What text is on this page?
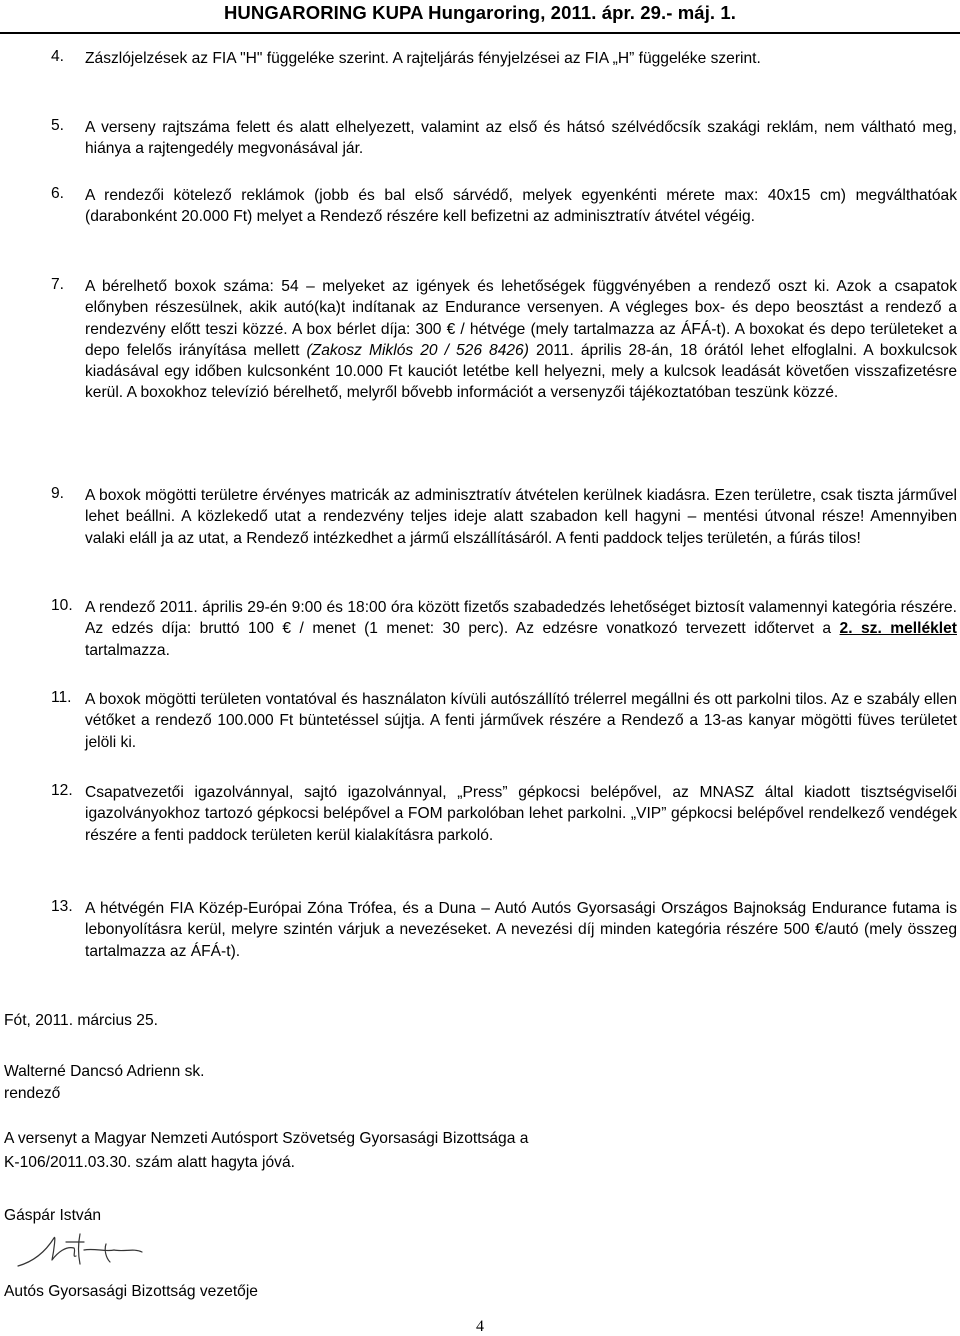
HUNGARORING KUPA Hungaroring, 2011. ápr. 29.- máj. 1.
4. Zászlójelzések az FIA "H" függeléke szerint. A rajteljárás fényjelzései az FIA „H” függeléke szerint.
5. A verseny rajtszáma felett és alatt elhelyezett, valamint az első és hátsó szélvédőcsík szakági reklám, nem váltható meg, hiánya a rajtengedély megvonásával jár.
6. A rendezői kötelező reklámok (jobb és bal első sárvédő, melyek egyenkénti mérete max: 40x15 cm) megválthatóak (darabonként 20.000 Ft) melyet a Rendező részére kell befizetni az adminisztratív átvétel végéig.
7. A bérelhető boxok száma: 54 – melyeket az igények és lehetőségek függvényében a rendező oszt ki. Azok a csapatok előnyben részesülnek, akik autó(ka)t indítanak az Endurance versenyen. A végleges box- és depo beosztást a rendező a rendezvény előtt teszi közzé. A box bérlet díja: 300 € / hétvége (mely tartalmazza az ÁFÁ-t). A boxokat és depo területeket a depo felelős irányítása mellett (Zakosz Miklós 20 / 526 8426) 2011. április 28-án, 18 órától lehet elfoglalni. A boxkulcsok kiadásával egy időben kulcsonként 10.000 Ft kauciót letétbe kell helyezni, mely a kulcsok leadását követően visszafizetésre kerül. A boxokhoz televízió bérelhető, melyről bővebb információt a versenyzői tájékoztatóban teszünk közzé.
9. A boxok mögötti területre érvényes matricák az adminisztratív átvételen kerülnek kiadásra. Ezen területre, csak tiszta járművel lehet beállni. A közlekedő utat a rendezvény teljes ideje alatt szabadon kell hagyni – mentési útvonal része! Amennyiben valaki eláll ja az utat, a Rendező intézkedhet a jármű elszállításáról. A fenti paddock teljes területén, a fúrás tilos!
10. A rendező 2011. április 29-én 9:00 és 18:00 óra között fizetős szabadedzés lehetőséget biztosít valamennyi kategória részére. Az edzés díja: bruttó 100 € / menet (1 menet: 30 perc). Az edzésre vonatkozó tervezett időtervet a 2. sz. melléklet tartalmazza.
11. A boxok mögötti területen vontatóval és használaton kívüli autószállító trélerrel megállni és ott parkolni tilos. Az e szabály ellen vétőket a rendező 100.000 Ft büntetéssel sújtja. A fenti járművek részére a Rendező a 13-as kanyar mögötti füves területet jelöli ki.
12. Csapatvezetői igazolvánnyal, sajtó igazolvánnyal, „Press” gépkocsi belépővel, az MNASZ által kiadott tisztségviselői igazolványokhoz tartozó gépkocsi belépővel a FOM parkolóban lehet parkolni. „VIP” gépkocsi belépővel rendelkező vendégek részére a fenti paddock területen kerül kialakításra parkoló.
13. A hétvégén FIA Közép-Európai Zóna Trófea, és a Duna – Autó Autós Gyorsasági Országos Bajnokság Endurance futama is lebonyolításra kerül, melyre szintén várjuk a nevezéseket. A nevezési díj minden kategória részére 500 €/autó (mely összeg tartalmazza az ÁFÁ-t).
Fót, 2011. március 25.
Walterné Dancsó Adrienn sk.
rendező
A versenyt a Magyar Nemzeti Autósport Szövetség Gyorsasági Bizottsága a
K-106/2011.03.30. szám alatt hagyta jóvá.
Gáspár István
Autós Gyorsasági Bizottság vezetője
4
